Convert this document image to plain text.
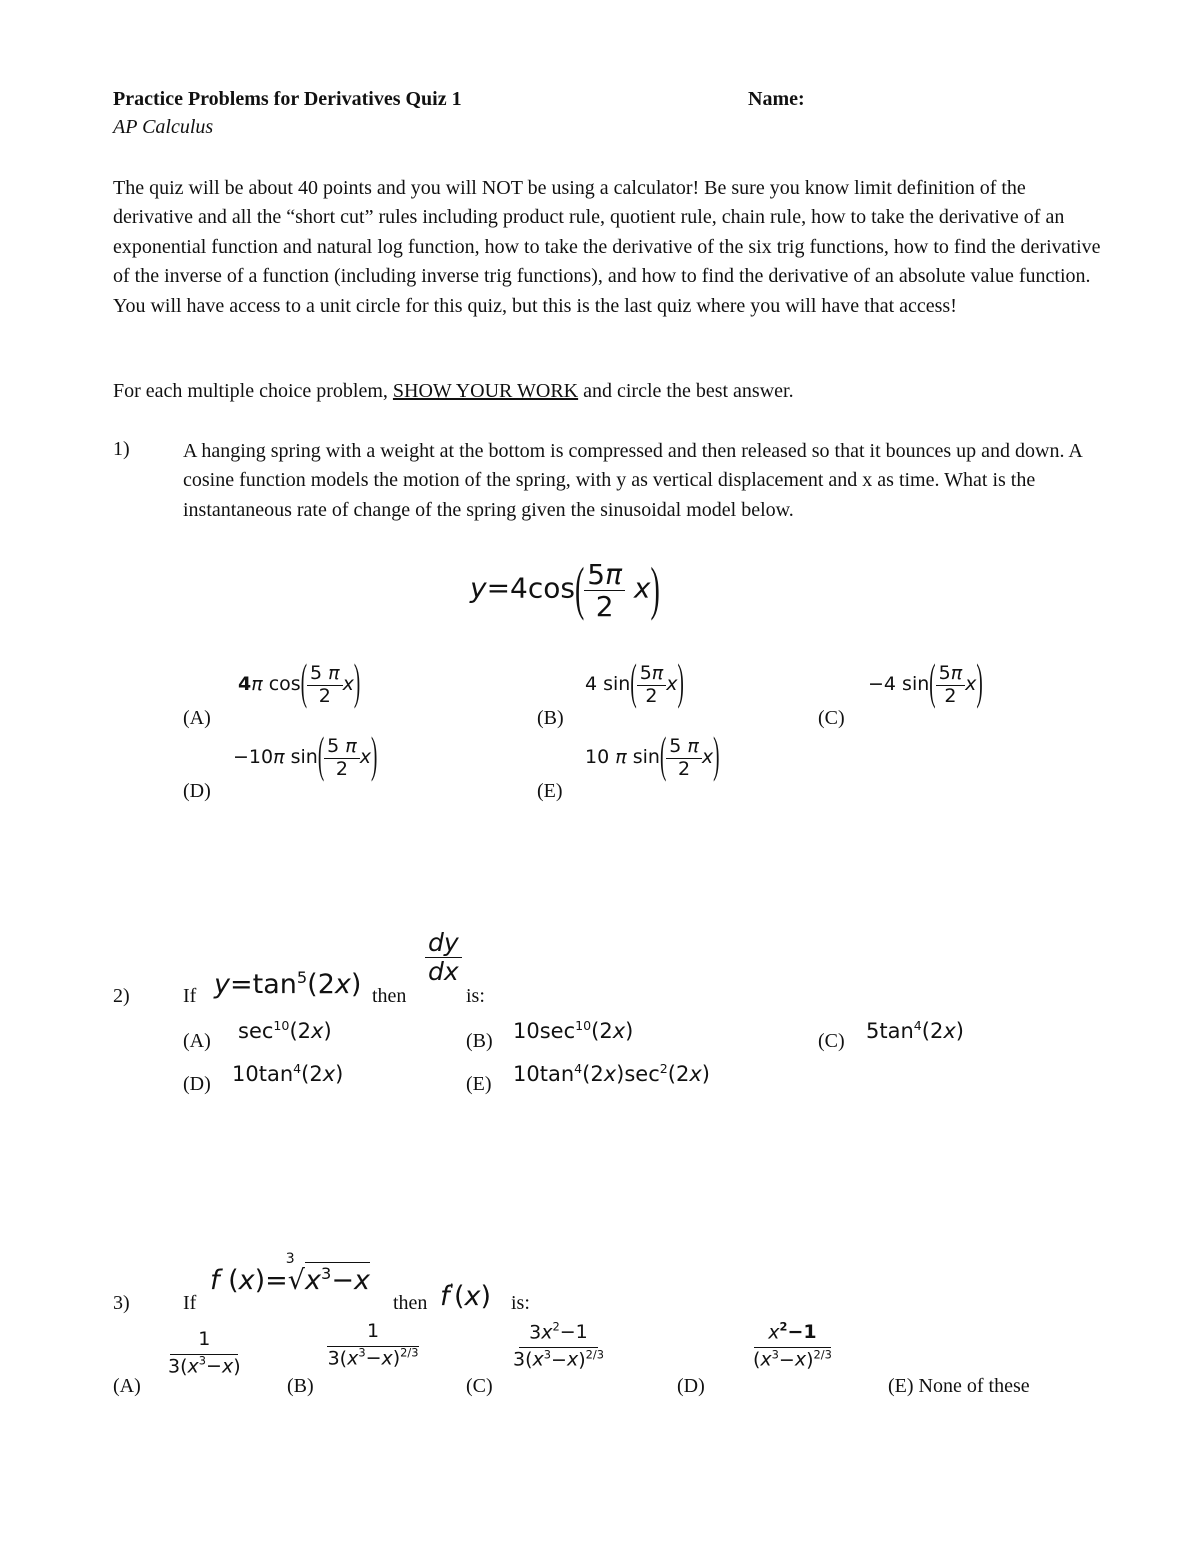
Practice Problems for Derivatives Quiz 1	Name:
AP Calculus
The quiz will be about 40 points and you will NOT be using a calculator! Be sure you know limit definition of the derivative and all the “short cut” rules including product rule, quotient rule, chain rule, how to take the derivative of an exponential function and natural log function, how to take the derivative of the six trig functions, how to find the derivative of the inverse of a function (including inverse trig functions), and how to find the derivative of an absolute value function. You will have access to a unit circle for this quiz, but this is the last quiz where you will have that access!
For each multiple choice problem, SHOW YOUR WORK and circle the best answer.
1)	A hanging spring with a weight at the bottom is compressed and then released so that it bounces up and down. A cosine function models the motion of the spring, with y as vertical displacement and x as time. What is the instantaneous rate of change of the spring given the sinusoidal model below.
$y=4\cos( \frac{5\pi}{2} x)$
(A)
4π $\cos( \frac{5 \pi}{2} x)$
(B)
4 $\sin( \frac{5\pi}{2} x)$
(C)
−4 $\sin( \frac{5\pi}{2} x)$
(D)
−10π $\sin( \frac{5 \pi}{2} x)$
(E)
10 π $\sin( \frac{5 \pi}{2} x)$
2)	If $y=\tan^5(2x)$ then
$\frac{dy}{dx}$
is:
(A) $\sec^{10}(2x)$	(B) $10\sec^{10}(2x)$	(C) $5\tan^4(2x)$
(D) $10\tan^4(2x)$	(E) $10\tan^4(2x)\sec^2(2x)$
3)	If
f (x)=
3
$√x^3-x$
then f'(x) is:
(A)
$\frac{1}{3(x^3-x)}$
(B)
$\frac{1}{3(x^3-x)^{2/3}}$
(C)
$\frac{3x^2-1}{3(x^3-x)^{2/3}}$
(D)
$\frac{x^2-1}{(x^3-x)^{2/3}}$
(E) None of these
